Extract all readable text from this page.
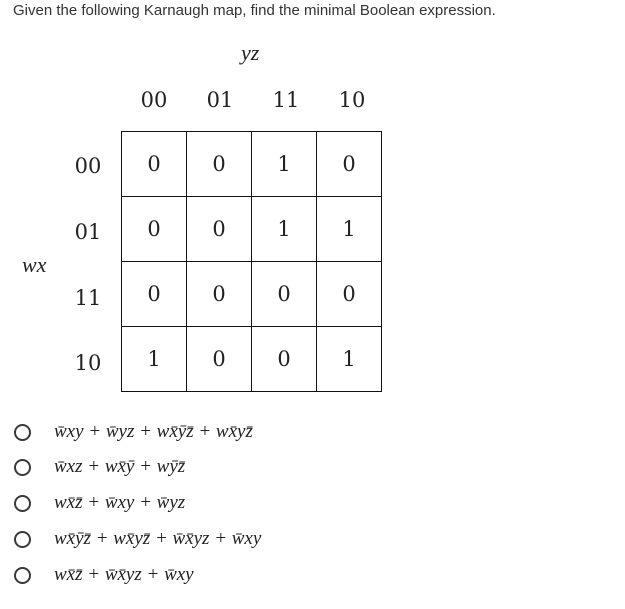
Given the following Karnaugh map, find the minimal Boolean expression.
yz
wx
00	01	11	10
00
01
11
10
0	0	1	0
0	0	1	1
0	0	0	0
1	0	0	1
w̄xy + w̄yz + wx̄ȳz̄ + wx̄yz̄
w̄xz + wx̄ȳ + wȳz̄
wx̄z̄ + w̄xy + w̄yz
wx̄ȳz̄ + wx̄yz̄ + w̄x̄yz + w̄xy
wx̄z̄ + w̄x̄yz + w̄xy
